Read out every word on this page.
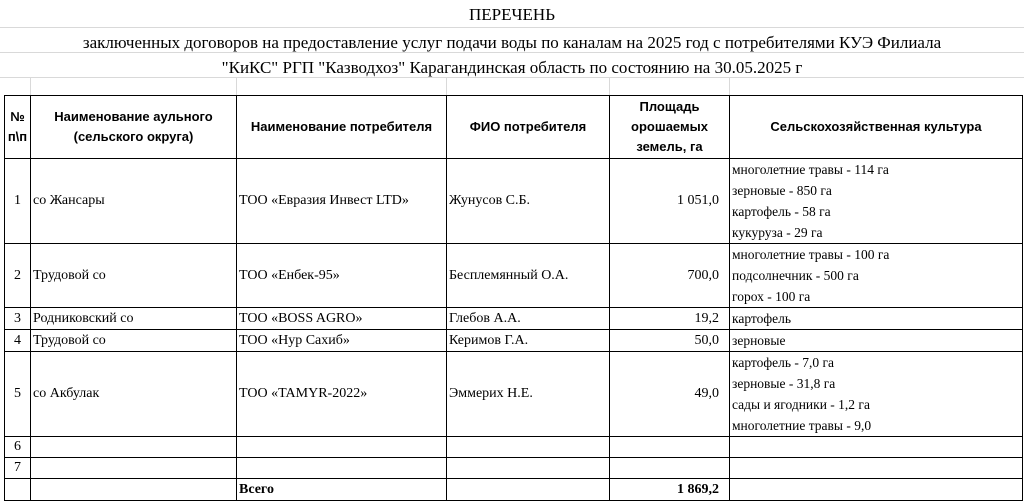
ПЕРЕЧЕНЬ
заключенных договоров на предоставление услуг подачи воды по каналам на 2025 год с потребителями КУЭ Филиала
"КиКС" РГП "Казводхоз" Карагандинская область по состоянию на 30.05.2025 г
№ п\п	Наименование аульного (сельского округа)	Наименование потребителя	ФИО потребителя	Площадь орошаемых земель, га	Сельскохозяйственная культура
1	со Жансары	ТОО «Евразия Инвест LTD»	Жунусов С.Б.	1 051,0	многолетние травы - 114 га
зерновые - 850 га
картофель - 58 га
кукуруза - 29 га

2	Трудовой со	ТОО «Енбек-95»	Бесплемянный О.А.	700,0	многолетние травы - 100 га
подсолнечник - 500 га
горох - 100 га

3	Родниковский со	ТОО «BOSS AGRO»	Глебов А.А.	19,2	картофель

4	Трудовой со	ТОО «Нур Сахиб»	Керимов Г.А.	50,0	зерновые

5	со Акбулак	ТОО «TAMYR-2022»	Эммерих Н.Е.	49,0	картофель - 7,0 га
зерновые - 31,8 га
сады и ягодники - 1,2 га
многолетние травы - 9,0

6					
7					
		Всего		1 869,2	
